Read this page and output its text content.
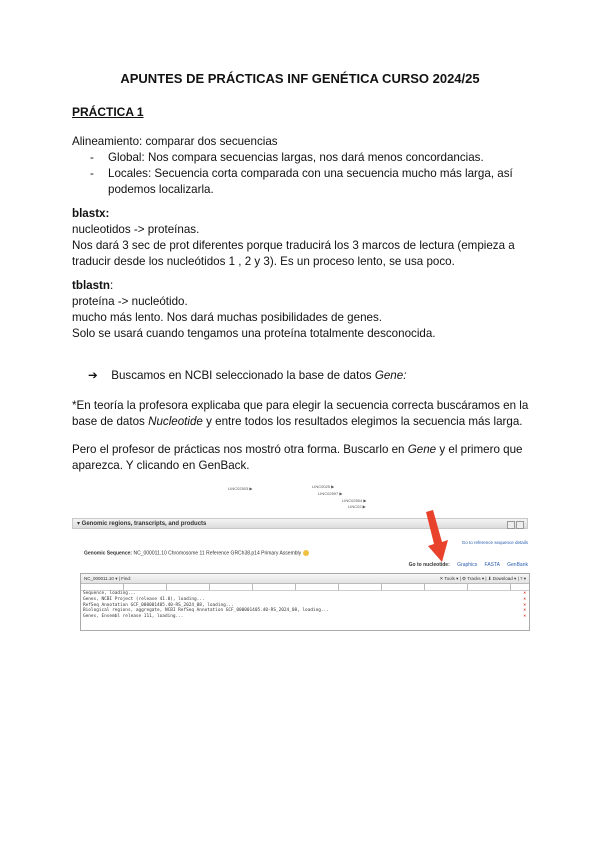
APUNTES DE PRÁCTICAS INF GENÉTICA CURSO 2024/25
PRÁCTICA 1
Alineamiento: comparar dos secuencias
- Global: Nos compara secuencias largas, nos dará menos concordancias.
- Locales: Secuencia corta comparada con una secuencia mucho más larga, así
podemos localizarla.
blastx:
nucleotidos -> proteínas.
Nos dará 3 sec de prot diferentes porque traducirá los 3 marcos de lectura (empieza a
traducir desde los nucleótidos 1 , 2 y 3). Es un proceso lento, se usa poco.
tblastn:
proteína -> nucleótido.
mucho más lento. Nos dará muchas posibilidades de genes.
Solo se usará cuando tengamos una proteína totalmente desconocida.
➔ Buscamos en NCBI seleccionado la base de datos Gene:
*En teoría la profesora explicaba que para elegir la secuencia correcta buscáramos en la
base de datos Nucleotide y entre todos los resultados elegimos la secuencia más larga.
Pero el profesor de prácticas nos mostró otra forma. Buscarlo en Gene y el primero que
aparezca. Y clicando en GenBack.
LINC02503 ▶	LINC0025 ▶
LINC02597 ▶
LINC02504 ▶
LINC02 ▶
▾ Genomic regions, transcripts, and products
Go to reference sequence details
Genomic Sequence: NC_000011.10 Chromosome 11 Reference GRCh38.p14 Primary Assembly
Go to nucleotide: Graphics FASTA GenBank
NC_000011.10 ▾ | Find:	✕ Tools ▾ | ⚙ Tracks ▾ | ⬇ Download ▾ | ? ▾
Sequence, loading...	×
Genes, NCBI Project (release 41.0), loading...	×
RefSeq Annotation GCF_000001405.40-RS_2024_08, loading...	×
Biological regions, aggregate, NCBI RefSeq Annotation GCF_000001405.40-RS_2024_08, loading...	×
Genes, Ensembl release 111, loading...	×
